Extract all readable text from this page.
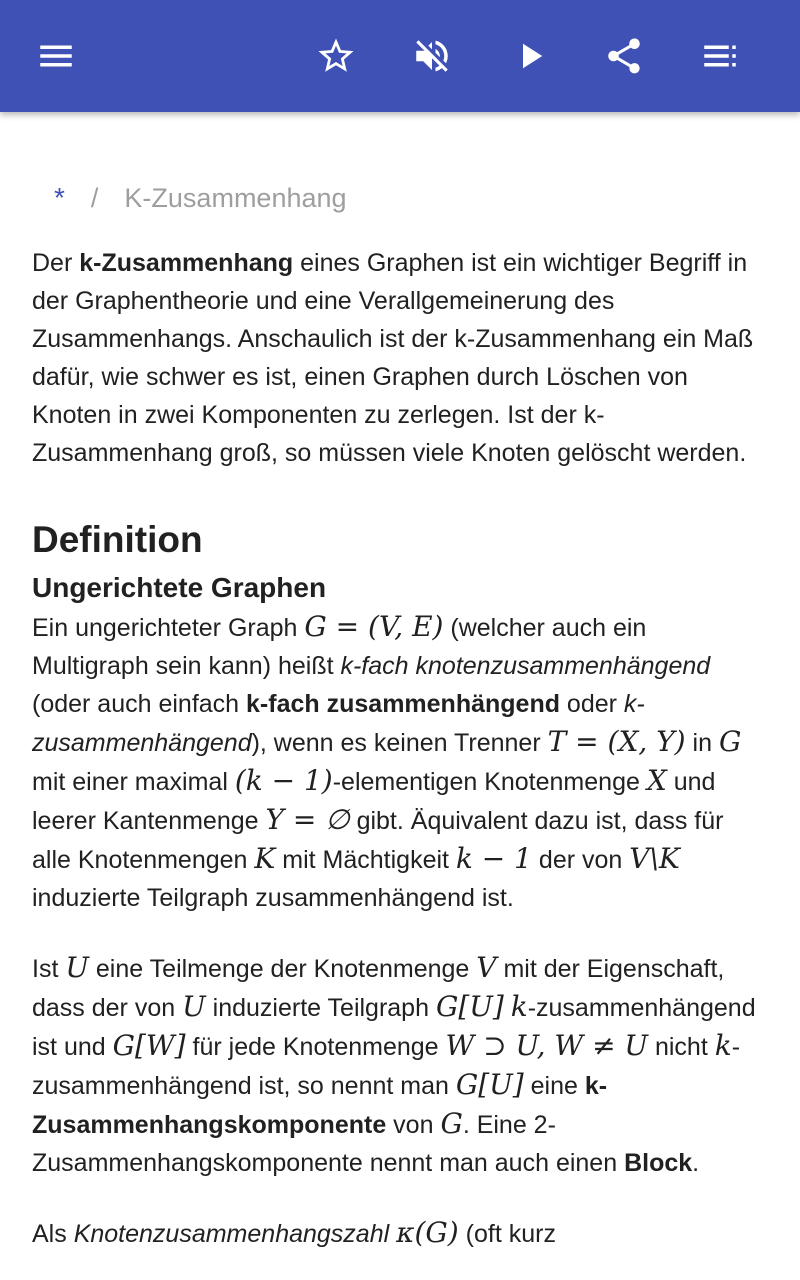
* / K-Zusammenhang

Der k-Zusammenhang eines Graphen ist ein wichtiger Begriff in der Graphentheorie und eine Verallgemeinerung des Zusammenhangs. Anschaulich ist der k-Zusammenhang ein Maß dafür, wie schwer es ist, einen Graphen durch Löschen von Knoten in zwei Komponenten zu zerlegen. Ist der k-Zusammenhang groß, so müssen viele Knoten gelöscht werden.

Definition
Ungerichtete Graphen

Ein ungerichteter Graph G = (V, E) (welcher auch ein Multigraph sein kann) heißt k-fach knotenzusammenhängend (oder auch einfach k-fach zusammenhängend oder k-zusammenhängend), wenn es keinen Trenner T = (X, Y) in G mit einer maximal (k − 1)-elementigen Knotenmenge X und leerer Kantenmenge Y = ∅ gibt. Äquivalent dazu ist, dass für alle Knotenmengen K mit Mächtigkeit k − 1 der von V\K induzierte Teilgraph zusammenhängend ist.

Ist U eine Teilmenge der Knotenmenge V mit der Eigenschaft, dass der von U induzierte Teilgraph G[U] k-zusammenhängend ist und G[W] für jede Knotenmenge W ⊃ U, W ≠ U nicht k-zusammenhängend ist, so nennt man G[U] eine k-Zusammenhangskomponente von G. Eine 2-Zusammenhangskomponente nennt man auch einen Block.

Als Knotenzusammenhangszahl κ(G) (oft kurz
